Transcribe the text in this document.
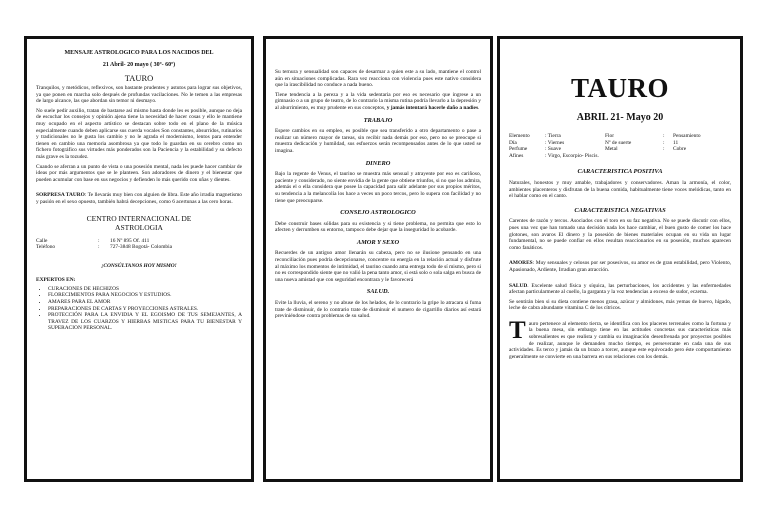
MENSAJE ASTROLOGICO PARA LOS NACIDOS DEL
21 Abril- 20 mayo ( 30º- 60º)
TAURO

Tranquilos, y metódicos, reflexivos, son bastante prudentes y astutos para lograr sus objetivos, ya que ponen en marcha solo después de profundas vacilaciones. No le temen a las empresas de largo alcance, las que abordan sin temor ni desmayo.

No suele pedir auxilio, tratan de bastarse así mismo hasta donde les es posible, aunque no deja de escuchar los consejos y opinión ajena tiene la necesidad de hacer cosas y ello le mantiene muy ocupado en el aspecto artístico se destacan sobre todo en el plano de la música especialmente cuando deben aplicarse sus cuerda vocales Son constantes, absurridos, rutinarios y tradicionales no le gusta los cambio y no le agrada el modernismo, lentos para entender tienen en cambio una memoria asombrosa ya que todo lo guardan en su cerebro como un fichero fotográfico sus virtudes más ponderados son la Paciencia y la estabilidad y su defecto más grave es la tozudez.

Cuando se aferran a un punto de vista o una posesión mental, nada les puede hacer cambiar de ideas por más argumentos que se le planteen. Son adoradores de dinero y el bienestar que pueden acumular con base en sus negocios y defienden lo más querido con uñas y dientes.

SORPRESA TAURO: Te llevarás muy bien con alguien de libra. Este año irradia magnetismo y pasión en el sexo opuesto, también habrá decepciones, como 6 acertunas a las cero horas.

CENTRO INTERNACIONAL DE
ASTROLOGIA
Calle	:	16 Nº 895 Of. 411
Teléfono	:	727-3848 Bogotá- Colombia
¡CONSÚLTANOS HOY MISMO!
EXPERTOS EN:
• CURACIONES DE HECHIZOS
• FLORECIMIENTOS PARA NEGOCIOS Y ESTUDIOS.
• AMARES PARA EL AMOR
• PREPARACIONES DE CARTAS Y PROYECCIONES ASTRALES.
• PROTECCIÓN PARA LA ENVIDIA Y EL EGOISMO DE TUS SEMEJANTES, A TRAVEZ DE LOS CUARZOS Y HIERBAS MISTICAS PARA TU BIENESTAR Y SUPERACION PERSONAL.

Su ternura y sensualidad son capaces de desarmar a quien este a su lado, mantiene el control aún en situaciones complicadas. Rara vez reacciona con violencia pues este nativo considera que la irascibilidad no conduce a nada bueno.

Tiene tendencia a la pereza y a la vida sedentaria por eso es necesario que ingrese a un gimnasio o a un grupo de teatro, de lo contrario la misma rutina podría llevarlo a la depresión y al aburrimiento, es muy prudente en sus conceptos, y jamás intentará hacerle daño a nadies.

TRABAJO

Espere cambios en su empleo, es posible que sea transferido a otro departamento o pase a realizar un número mayor de tareas, sin recibir nada demás por eso, pero no se preocupe si muestra dedicación y humildad, sus esfuerzos serán recompensados antes de lo que usted se imagina.

DINERO

Bajo la regente de Venus, el taurino se muestra más sensual y atrayente por eso es cariñoso, paciente y considerado, no siente envidia de la gente que obtiene triunfos, si no que los admira, además el o ella considera que posee la capacidad para salir adelante por sus propios méritos, su tendencia a la melancolía los hace a veces un poco tercos, pero lo supera con facilidad y no tiene que preocuparse.

CONSEJO ASTROLOGICO

Debe construir bases sólidas para su existencia y si tiene problema, no permita que esto lo afecten y derrumben su entorno, tampoco debe dejar que la inseguridad lo acobarde.

AMOR Y SEXO

Recuerdes de un antiguo amor llenarán su cabeza, pero no se ilusione pensando en una reconciliación pues podría decepcionarse, concentre su energía en la relación actual y disfrute al máximo los momentos de intimidad, el taurino cuando ama entrega todo de sí mismo, pero si no es correspondido siente que no valió la pena tanto amor, si está solo o sola salga en busca de una nueva amistad que con seguridad encontrara y le favorecerá

SALUD.

Evite la lluvia, el sereno y no abuse de los helados, de lo contrario la gripe lo atracara si fuma trate de disminuir, de lo contrario trate de disminuir el numero de cigarrillo diarios así estará previniéndose contra problemas de su salud.

TAURO
ABRIL 21- Mayo 20
Elemento	: Tierra	Flor	:	Pensamiento
Día	: Viernes	Nº de suerte	:	11
Perfume	: Suave	Metal	:	Cobre
Afines	: Virgo, Escorpio- Piscis.			
CARACTERISTICA POSITIVA

Naturales, honestos y muy amable, trabajadores y conservadores. Aman la armonía, el color, ambientes placenteros y disfrutan de la buena comida, habitualmente tiene voces melódicas, tanto en el hablar como en el canto.

CARACTERISTICA NEGATIVAS

Carentes de razón y tercos. Asociados con el toro en su faz negativa. No se puede discutir con ellos, pues una vez que han tomado una decisión nada los hace cambiar, el buen gusto de comer los hace glotones, son avaros El dinero y la posesión de bienes materiales ocupan en su vida un lugar fundamental, no se puede confiar en ellos resultan reaccionarios en su posesión, muchos aparecen como fanáticos.

AMORES: Muy sensuales y celosos por ser posesivos, su amor es de gran estabilidad, pero Violento, Apasionado, Ardiente, Irradian gran atracción.

SALUD. Excelente salud física y síquica, las perturbaciones, los accidentes y las enfermedades afectan particularmente al cuello, la garganta y la voz tendencias a exceso de sudor, eczema.

Se sentirán bien si su dieta contiene menos grasa, azúcar y almidones, más yemas de huevo, hígado, leche de cabra abundante vitamina C de los cítricos.

Tauro pertenece al elemento tierra, se identifica con los placeres terrenales como la fortuna y la buena mesa, sin embargo tiene en las actitudes concretas sus características más sobresalientes es que realista y cambia su imaginación desenfrenada por proyectos posibles de realizar, aunque le demanden mucho tiempo, es perseverante en cada una de sus actividades. Es terco y jamás da un brazo a torcer, aunque este equivocado pero éste comportamiento generalmente se convierte en una barrera en sus relaciones con los demás.
